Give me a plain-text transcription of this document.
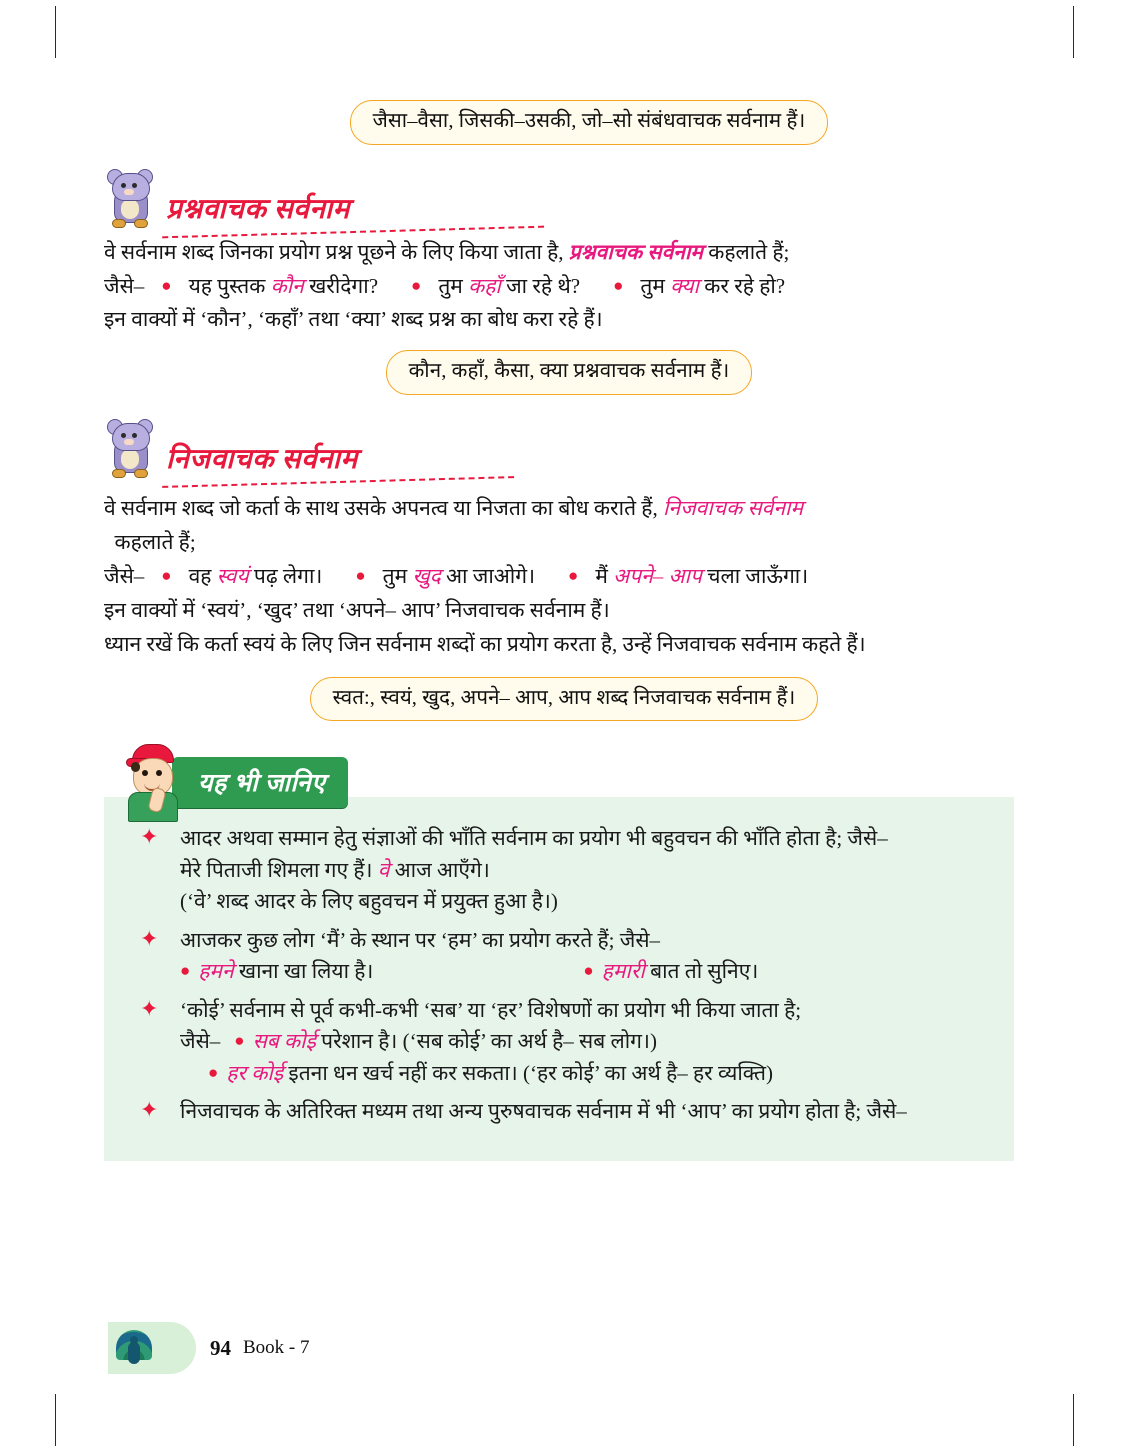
जैसा–वैसा, जिसकी–उसकी, जो–सो संबंधवाचक सर्वनाम हैं।
प्रश्नवाचक सर्वनाम

वे सर्वनाम शब्द जिनका प्रयोग प्रश्न पूछने के लिए किया जाता है, प्रश्नवाचक सर्वनाम कहलाते हैं;

जैसे– ● यह पुस्तक कौन खरीदेगा? ● तुम कहाँ जा रहे थे? ● तुम क्या कर रहे हो?

इन वाक्यों में ‘कौन’, ‘कहाँ’ तथा ‘क्या’ शब्द प्रश्न का बोध करा रहे हैं।

कौन, कहाँ, कैसा, क्या प्रश्नवाचक सर्वनाम हैं।
निजवाचक सर्वनाम

वे सर्वनाम शब्द जो कर्ता के साथ उसके अपनत्व या निजता का बोध कराते हैं, निजवाचक सर्वनाम

कहलाते हैं;

जैसे– ● वह स्वयं पढ़ लेगा। ● तुम खुद आ जाओगे। ● मैं अपने– आप चला जाऊँगा।

इन वाक्यों में ‘स्वयं’, ‘खुद’ तथा ‘अपने– आप’ निजवाचक सर्वनाम हैं।

ध्यान रखें कि कर्ता स्वयं के लिए जिन सर्वनाम शब्दों का प्रयोग करता है, उन्हें निजवाचक सर्वनाम कहते हैं।

स्वत:, स्वयं, खुद, अपने– आप, आप शब्द निजवाचक सर्वनाम हैं।
यह भी जानिए
✦ आदर अथवा सम्मान हेतु संज्ञाओं की भाँति सर्वनाम का प्रयोग भी बहुवचन की भाँति होता है; जैसे–
मेरे पिताजी शिमला गए हैं। वे आज आएँगे।
(‘वे’ शब्द आदर के लिए बहुवचन में प्रयुक्त हुआ है।)
✦ आजकर कुछ लोग ‘मैं’ के स्थान पर ‘हम’ का प्रयोग करते हैं; जैसे–
● हमने खाना खा लिया है।	● हमारी बात तो सुनिए।
✦ ‘कोई’ सर्वनाम से पूर्व कभी-कभी ‘सब’ या ‘हर’ विशेषणों का प्रयोग भी किया जाता है;
जैसे– ● सब कोई परेशान है। (‘सब कोई’ का अर्थ है– सब लोग।)
● हर कोई इतना धन खर्च नहीं कर सकता। (‘हर कोई’ का अर्थ है– हर व्यक्ति)
✦ निजवाचक के अतिरिक्त मध्यम तथा अन्य पुरुषवाचक सर्वनाम में भी ‘आप’ का प्रयोग होता है; जैसे–
94 Book - 7
